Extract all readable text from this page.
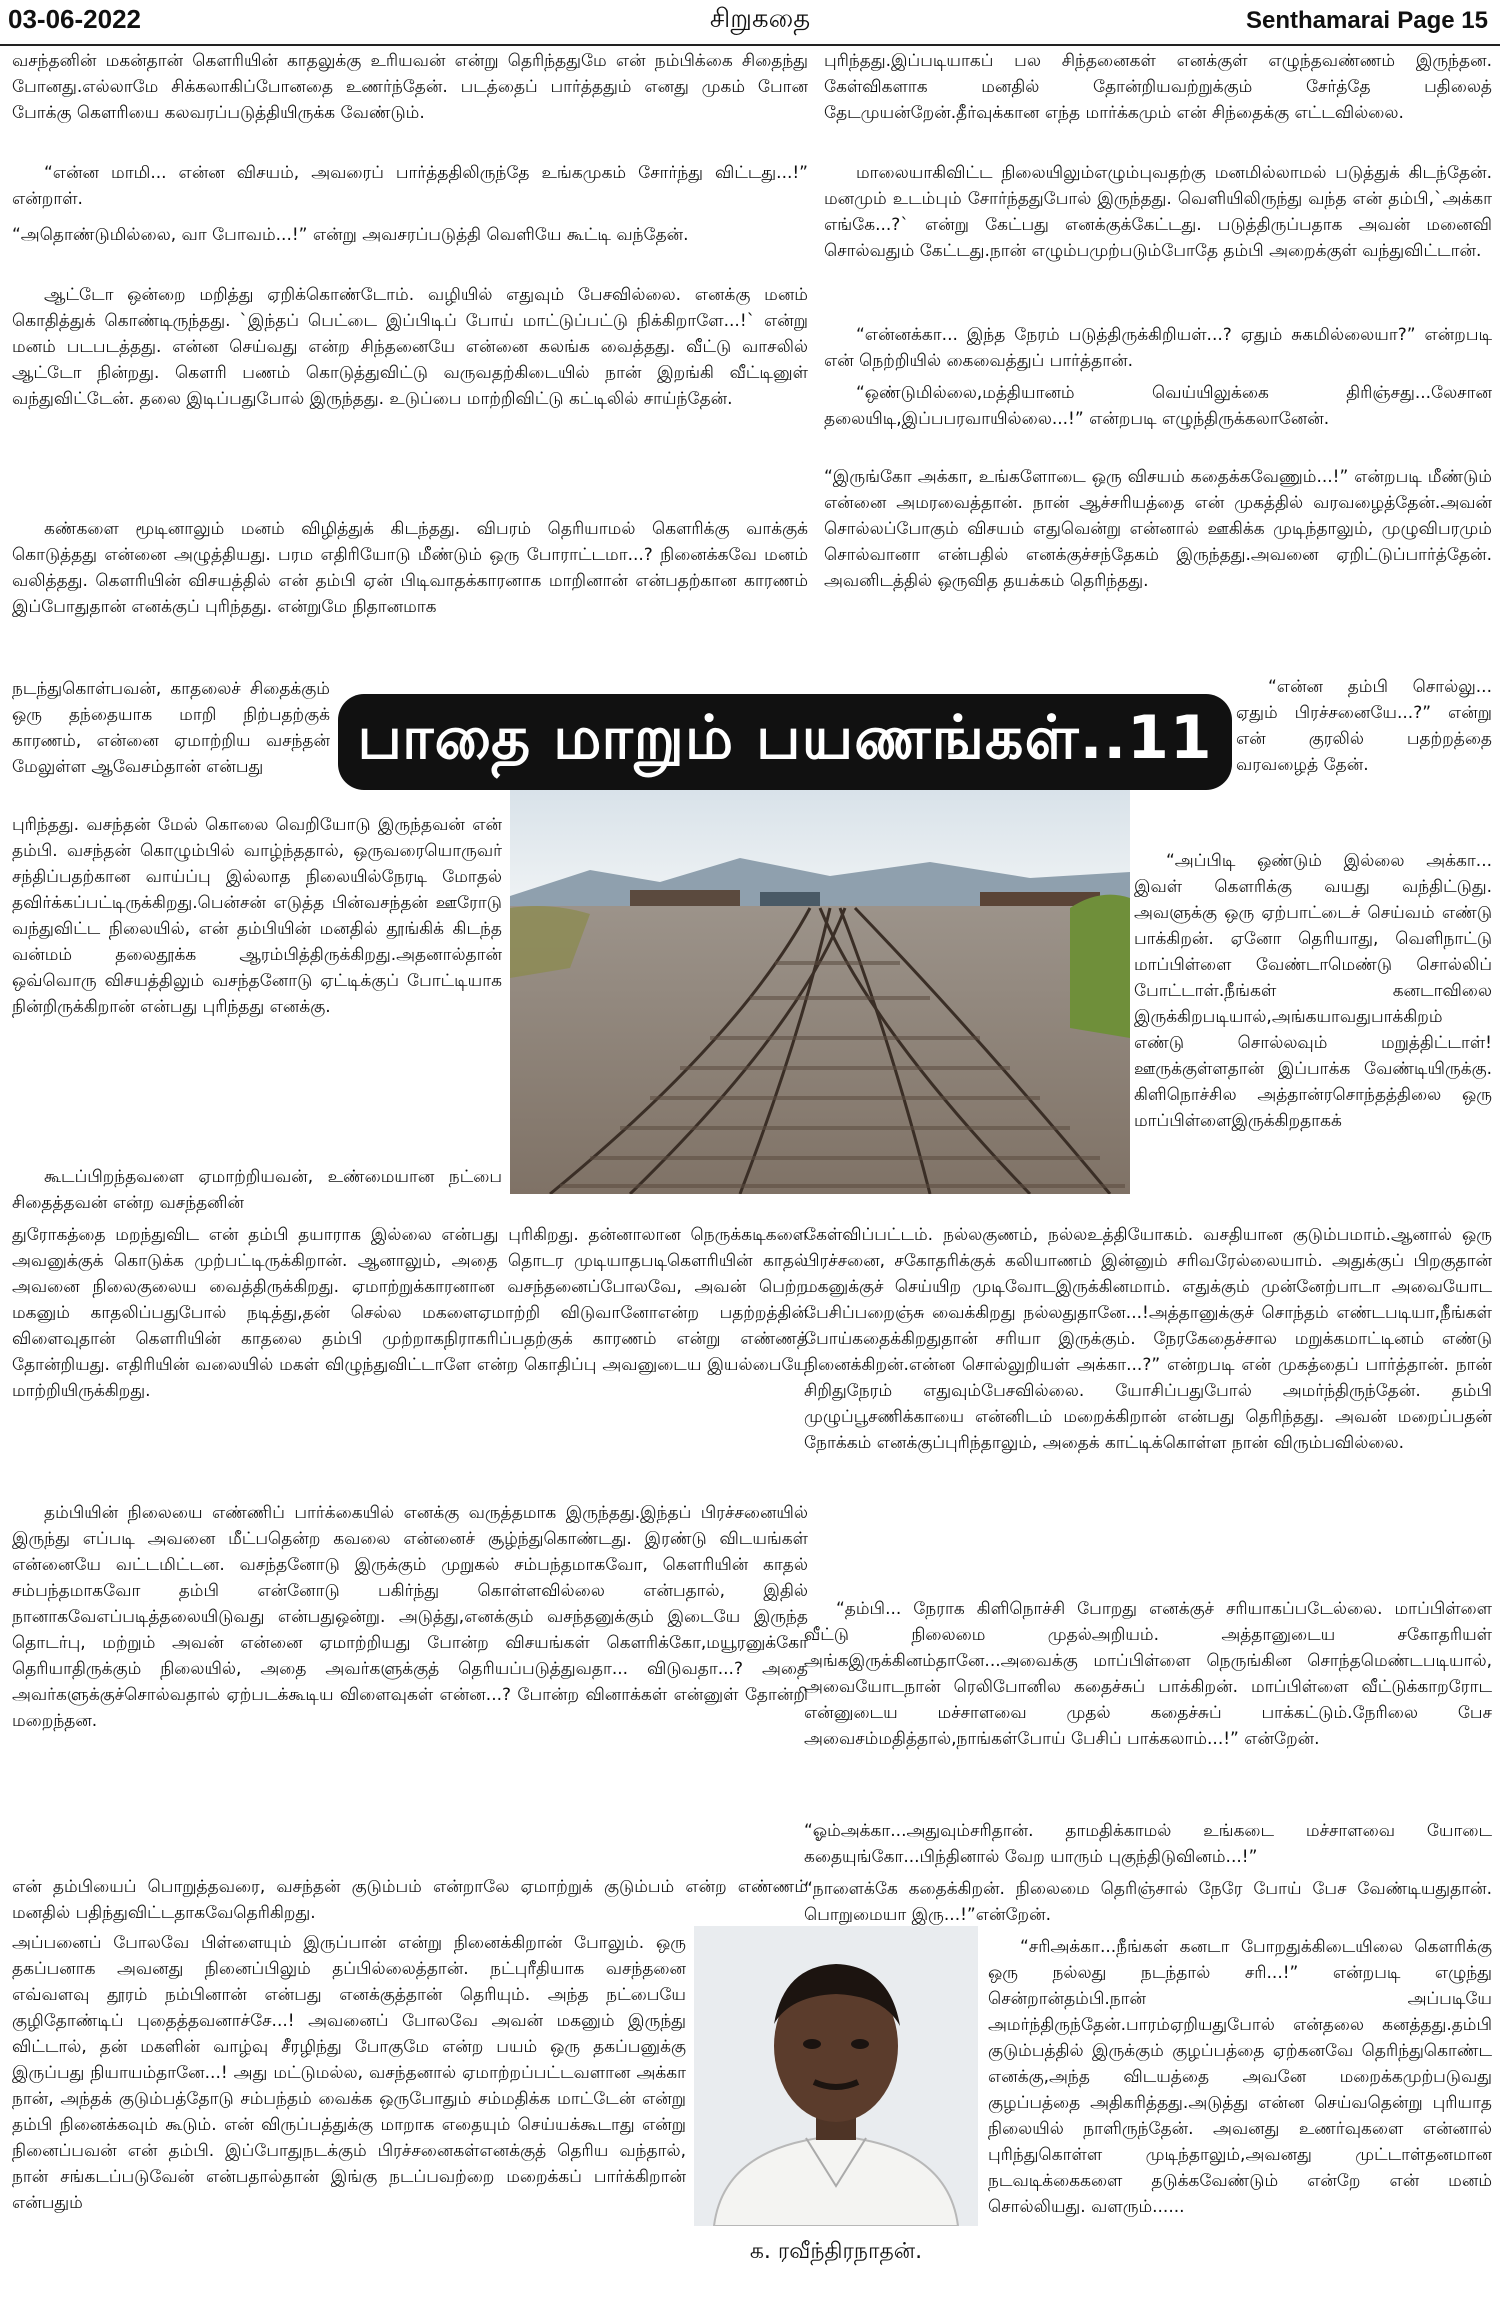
03-06-2022	சிறுகதை	Senthamarai Page 15

வசந்தனின் மகன்தான் கௌரியின் காதலுக்கு உரியவன் என்று தெரிந்ததுமே என் நம்பிக்கை சிதைந்து போனது.எல்லாமே சிக்கலாகிப்போனதை உணர்ந்தேன். படத்தைப் பார்த்ததும் எனது முகம் போன போக்கு கௌரியை கலவரப்படுத்தியிருக்க வேண்டும்.

“என்ன மாமி... என்ன விசயம், அவரைப் பார்த்ததிலிருந்தே உங்கமுகம் சோர்ந்து விட்டது...!” என்றாள்.

“அதொண்டுமில்லை, வா போவம்...!” என்று அவசரப்படுத்தி வெளியே கூட்டி வந்தேன்.

ஆட்டோ ஒன்றை மறித்து ஏறிக்கொண்டோம். வழியில் எதுவும் பேசவில்லை. எனக்கு மனம் கொதித்துக் கொண்டிருந்தது. `இந்தப் பெட்டை இப்பிடிப் போய் மாட்டுப்பட்டு நிக்கிறாளே...!` என்று மனம் படபடத்தது. என்ன செய்வது என்ற சிந்தனையே என்னை கலங்க வைத்தது. வீட்டு வாசலில் ஆட்டோ நின்றது. கௌரி பணம் கொடுத்துவிட்டு வருவதற்கிடையில் நான் இறங்கி வீட்டினுள் வந்துவிட்டேன். தலை இடிப்பதுபோல் இருந்தது. உடுப்பை மாற்றிவிட்டு கட்டிலில் சாய்ந்தேன்.

கண்களை மூடினாலும் மனம் விழித்துக் கிடந்தது. விபரம் தெரியாமல் கௌரிக்கு வாக்குக் கொடுத்தது என்னை அழுத்தியது. பரம எதிரியோடு மீண்டும் ஒரு போராட்டமா...? நினைக்கவே மனம் வலித்தது. கௌரியின் விசயத்தில் என் தம்பி ஏன் பிடிவாதக்காரனாக மாறினான் என்பதற்கான காரணம் இப்போதுதான் எனக்குப் புரிந்தது. என்றுமே நிதானமாக

நடந்துகொள்பவன், காதலைச் சிதைக்கும் ஒரு தந்தையாக மாறி நிற்பதற்குக் காரணம், என்னை ஏமாற்றிய வசந்தன் மேலுள்ள ஆவேசம்தான் என்பது

புரிந்தது. வசந்தன் மேல் கொலை வெறியோடு இருந்தவன் என் தம்பி. வசந்தன் கொழும்பில் வாழ்ந்ததால், ஒருவரையொருவர் சந்திப்பதற்கான வாய்ப்பு இல்லாத நிலையில்நேரடி மோதல் தவிர்க்கப்பட்டிருக்கிறது.பென்சன் எடுத்த பின்வசந்தன் ஊரோடு வந்துவிட்ட நிலையில், என் தம்பியின் மனதில் தூங்கிக் கிடந்த வன்மம் தலைதூக்க ஆரம்பித்திருக்கிறது.அதனால்தான் ஒவ்வொரு விசயத்திலும் வசந்தனோடு ஏட்டிக்குப் போட்டியாக நின்றிருக்கிறான் என்பது புரிந்தது எனக்கு.

கூடப்பிறந்தவளை ஏமாற்றியவன், உண்மையான நட்பை சிதைத்தவன் என்ற வசந்தனின்

துரோகத்தை மறந்துவிட என் தம்பி தயாராக இல்லை என்பது புரிகிறது. தன்னாலான நெருக்கடிகளை அவனுக்குக் கொடுக்க முற்பட்டிருக்கிறான். ஆனாலும், அதை தொடர முடியாதபடிகௌரியின் காதல் அவனை நிலைகுலைய வைத்திருக்கிறது. ஏமாற்றுக்காரனான வசந்தனைப்போலவே, அவன் பெற்ற மகனும் காதலிப்பதுபோல் நடித்து,தன் செல்ல மகளைஏமாற்றி விடுவானோஎன்ற பதற்றத்தின் விளைவுதான் கௌரியின் காதலை தம்பி முற்றாகநிராகரிப்பதற்குக் காரணம் என்று எண்ணத் தோன்றியது. எதிரியின் வலையில் மகள் விழுந்துவிட்டாளே என்ற கொதிப்பு அவனுடைய இயல்பையே மாற்றியிருக்கிறது.

தம்பியின் நிலையை எண்ணிப் பார்க்கையில் எனக்கு வருத்தமாக இருந்தது.இந்தப் பிரச்சனையில் இருந்து எப்படி அவனை மீட்பதென்ற கவலை என்னைச் சூழ்ந்துகொண்டது. இரண்டு விடயங்கள் என்னையே வட்டமிட்டன. வசந்தனோடு இருக்கும் முறுகல் சம்பந்தமாகவோ, கௌரியின் காதல் சம்பந்தமாகவோ தம்பி என்னோடு பகிர்ந்து கொள்ளவில்லை என்பதால், இதில் நானாகவேஎப்படித்தலையிடுவது என்பதுஒன்று. அடுத்து,எனக்கும் வசந்தனுக்கும் இடையே இருந்த தொடர்பு, மற்றும் அவன் என்னை ஏமாற்றியது போன்ற விசயங்கள் கௌரிக்கோ,மயூரனுக்கோ தெரியாதிருக்கும் நிலையில், அதை அவர்களுக்குத் தெரியப்படுத்துவதா... விடுவதா...? அதை அவர்களுக்குச்சொல்வதால் ஏற்படக்கூடிய விளைவுகள் என்ன...? போன்ற வினாக்கள் என்னுள் தோன்றி மறைந்தன.

என் தம்பியைப் பொறுத்தவரை, வசந்தன் குடும்பம் என்றாலே ஏமாற்றுக் குடும்பம் என்ற எண்ணம் மனதில் பதிந்துவிட்டதாகவேதெரிகிறது.

அப்பனைப் போலவே பிள்ளையும் இருப்பான் என்று நினைக்கிறான் போலும். ஒரு தகப்பனாக அவனது நினைப்பிலும் தப்பில்லைத்தான். நட்புரீதியாக வசந்தனை எவ்வளவு தூரம் நம்பினான் என்பது எனக்குத்தான் தெரியும். அந்த நட்பையே குழிதோண்டிப் புதைத்தவனாச்சே...! அவனைப் போலவே அவன் மகனும் இருந்து விட்டால், தன் மகளின் வாழ்வு சீரழிந்து போகுமே என்ற பயம் ஒரு தகப்பனுக்கு இருப்பது நியாயம்தானே...! அது மட்டுமல்ல, வசந்தனால் ஏமாற்றப்பட்டவளான அக்கா நான், அந்தக் குடும்பத்தோடு சம்பந்தம் வைக்க ஒருபோதும் சம்மதிக்க மாட்டேன் என்று தம்பி நினைக்கவும் கூடும். என் விருப்பத்துக்கு மாறாக எதையும் செய்யக்கூடாது என்று நினைப்பவன் என் தம்பி. இப்போதுநடக்கும் பிரச்சனைகள்எனக்குத் தெரிய வந்தால், நான் சங்கடப்படுவேன் என்பதால்தான் இங்கு நடப்பவற்றை மறைக்கப் பார்க்கிறான் என்பதும்

புரிந்தது.இப்படியாகப் பல சிந்தனைகள் எனக்குள் எழுந்தவண்ணம் இருந்தன. கேள்விகளாக மனதில் தோன்றியவற்றுக்கும் சேர்த்தே பதிலைத் தேடமுயன்றேன்.தீர்வுக்கான எந்த மார்க்கமும் என் சிந்தைக்கு எட்டவில்லை.

மாலையாகிவிட்ட நிலையிலும்எழும்புவதற்கு மனமில்லாமல் படுத்துக் கிடந்தேன். மனமும் உடம்பும் சோர்ந்ததுபோல் இருந்தது. வெளியிலிருந்து வந்த என் தம்பி,`அக்கா எங்கே...?` என்று கேட்பது எனக்குக்கேட்டது. படுத்திருப்பதாக அவன் மனைவி சொல்வதும் கேட்டது.நான் எழும்பமுற்படும்போதே தம்பி அறைக்குள் வந்துவிட்டான்.

“என்னக்கா... இந்த நேரம் படுத்திருக்கிறியள்...? ஏதும் சுகமில்லையா?” என்றபடி என் நெற்றியில் கைவைத்துப் பார்த்தான்.

“ஒண்டுமில்லை,மத்தியானம் வெய்யிலுக்கை திரிஞ்சது...லேசான தலையிடி,இப்பபரவாயில்லை...!” என்றபடி எழுந்திருக்கலானேன்.

“இருங்கோ அக்கா, உங்களோடை ஒரு விசயம் கதைக்கவேணும்...!” என்றபடி மீண்டும் என்னை அமரவைத்தான். நான் ஆச்சரியத்தை என் முகத்தில் வரவழைத்தேன்.அவன் சொல்லப்போகும் விசயம் எதுவென்று என்னால் ஊகிக்க முடிந்தாலும், முழுவிபரமும் சொல்வானா என்பதில் எனக்குச்சந்தேகம் இருந்தது.அவனை ஏறிட்டுப்பார்த்தேன். அவனிடத்தில் ஒருவித தயக்கம் தெரிந்தது.

“என்ன தம்பி சொல்லு... ஏதும் பிரச்சனையே...?” என்று என் குரலில் பதற்றத்தை வரவழைத் தேன்.

“அப்பிடி ஒண்டும் இல்லை அக்கா... இவள் கௌரிக்கு வயது வந்திட்டுது. அவளுக்கு ஒரு ஏற்பாட்டைச் செய்வம் எண்டு பாக்கிறன். ஏனோ தெரியாது, வெளிநாட்டு மாப்பிள்ளை வேண்டாமெண்டு சொல்லிப் போட்டாள்.நீங்கள் கனடாவிலை இருக்கிறபடியால்,அங்கயாவதுபாக்கிறம் எண்டு சொல்லவும் மறுத்திட்டாள்! ஊருக்குள்ளதான் இப்பாக்க வேண்டியிருக்கு. கிளிநொச்சில அத்தான்ரசொந்தத்திலை ஒரு மாப்பிள்ளைஇருக்கிறதாகக்

கேள்விப்பட்டம். நல்லகுணம், நல்லஉத்தியோகம். வசதியான குடும்பமாம்.ஆனால் ஒரு பிரச்சனை, சகோதரிக்குக் கலியாணம் இன்னும் சரிவரேல்லையாம். அதுக்குப் பிறகுதான் மகனுக்குச் செய்யிற முடிவோடஇருக்கினமாம். எதுக்கும் முன்னேற்பாடா அவையோட பேசிப்பறைஞ்சு வைக்கிறது நல்லதுதானே...!அத்தானுக்குச் சொந்தம் எண்டபடியா,நீங்கள் போய்கதைக்கிறதுதான் சரியா இருக்கும். நேரகேதைச்சால மறுக்கமாட்டினம் எண்டு நினைக்கிறன்.என்ன சொல்லுறியள் அக்கா...?” என்றபடி என் முகத்தைப் பார்த்தான். நான் சிறிதுநேரம் எதுவும்பேசவில்லை. யோசிப்பதுபோல் அமர்ந்திருந்தேன். தம்பி முழுப்பூசணிக்காயை என்னிடம் மறைக்கிறான் என்பது தெரிந்தது. அவன் மறைப்பதன் நோக்கம் எனக்குப்புரிந்தாலும், அதைக் காட்டிக்கொள்ள நான் விரும்பவில்லை.

“தம்பி... நேராக கிளிநொச்சி போறது எனக்குச் சரியாகப்படேல்லை. மாப்பிள்ளை வீட்டு நிலைமை முதல்அறியம். அத்தானுடைய சகோதரியள் அங்கஇருக்கினம்தானே...அவைக்கு மாப்பிள்ளை நெருங்கின சொந்தமெண்டபடியால், அவையோடநான் ரெலிபோனில கதைச்சுப் பாக்கிறன். மாப்பிள்ளை வீட்டுக்காறரோட என்னுடைய மச்சாளவை முதல் கதைச்சுப் பாக்கட்டும்.நேரிலை பேச அவைசம்மதித்தால்,நாங்கள்போய் பேசிப் பாக்கலாம்...!” என்றேன்.

“ஓம்அக்கா...அதுவும்சரிதான். தாமதிக்காமல் உங்கடை மச்சாளவை யோடை கதையுங்கோ...பிந்தினால் வேற யாரும் புகுந்திடுவினம்...!”

“நாளைக்கே கதைக்கிறன். நிலைமை தெரிஞ்சால் நேரே போய் பேச வேண்டியதுதான். பொறுமையா இரு...!”என்றேன்.

“சரிஅக்கா...நீங்கள் கனடா போறதுக்கிடையிலை கௌரிக்கு ஒரு நல்லது நடந்தால் சரி...!” என்றபடி எழுந்து சென்றான்தம்பி.நான் அப்படியே அமர்ந்திருந்தேன்.பாரம்ஏறியதுபோல் என்தலை கனத்தது.தம்பி குடும்பத்தில் இருக்கும் குழப்பத்தை ஏற்கனவே தெரிந்துகொண்ட எனக்கு,அந்த விடயத்தை அவனே மறைக்கமுற்படுவது குழப்பத்தை அதிகரித்தது.அடுத்து என்ன செய்வதென்று புரியாத நிலையில் நாளிருந்தேன். அவனது உணர்வுகளை என்னால் புரிந்துகொள்ள முடிந்தாலும்,அவனது முட்டாள்தனமான நடவடிக்கைகளை தடுக்கவேண்டும் என்றே என் மனம் சொல்லியது. வளரும்......

பாதை மாறும் பயணங்கள்..11
க. ரவீந்திரநாதன்.
